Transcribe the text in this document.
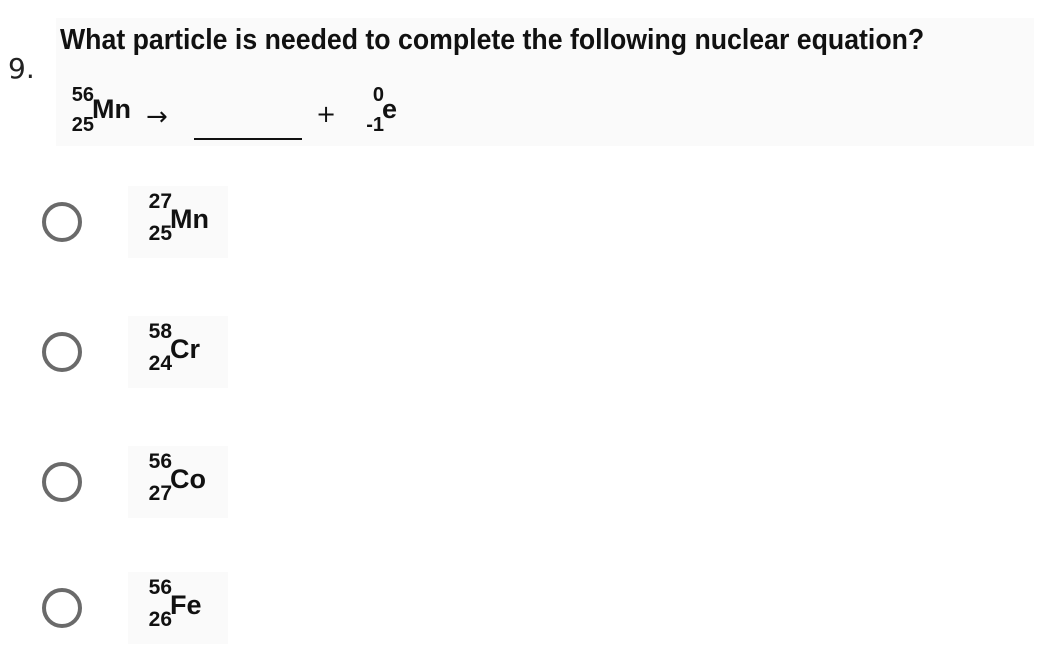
9.
What particle is needed to complete the following nuclear equation?
56
25
Mn →	+
0
-1
e
27
25
Mn
58
24
Cr
56
27
Co
56
26
Fe
